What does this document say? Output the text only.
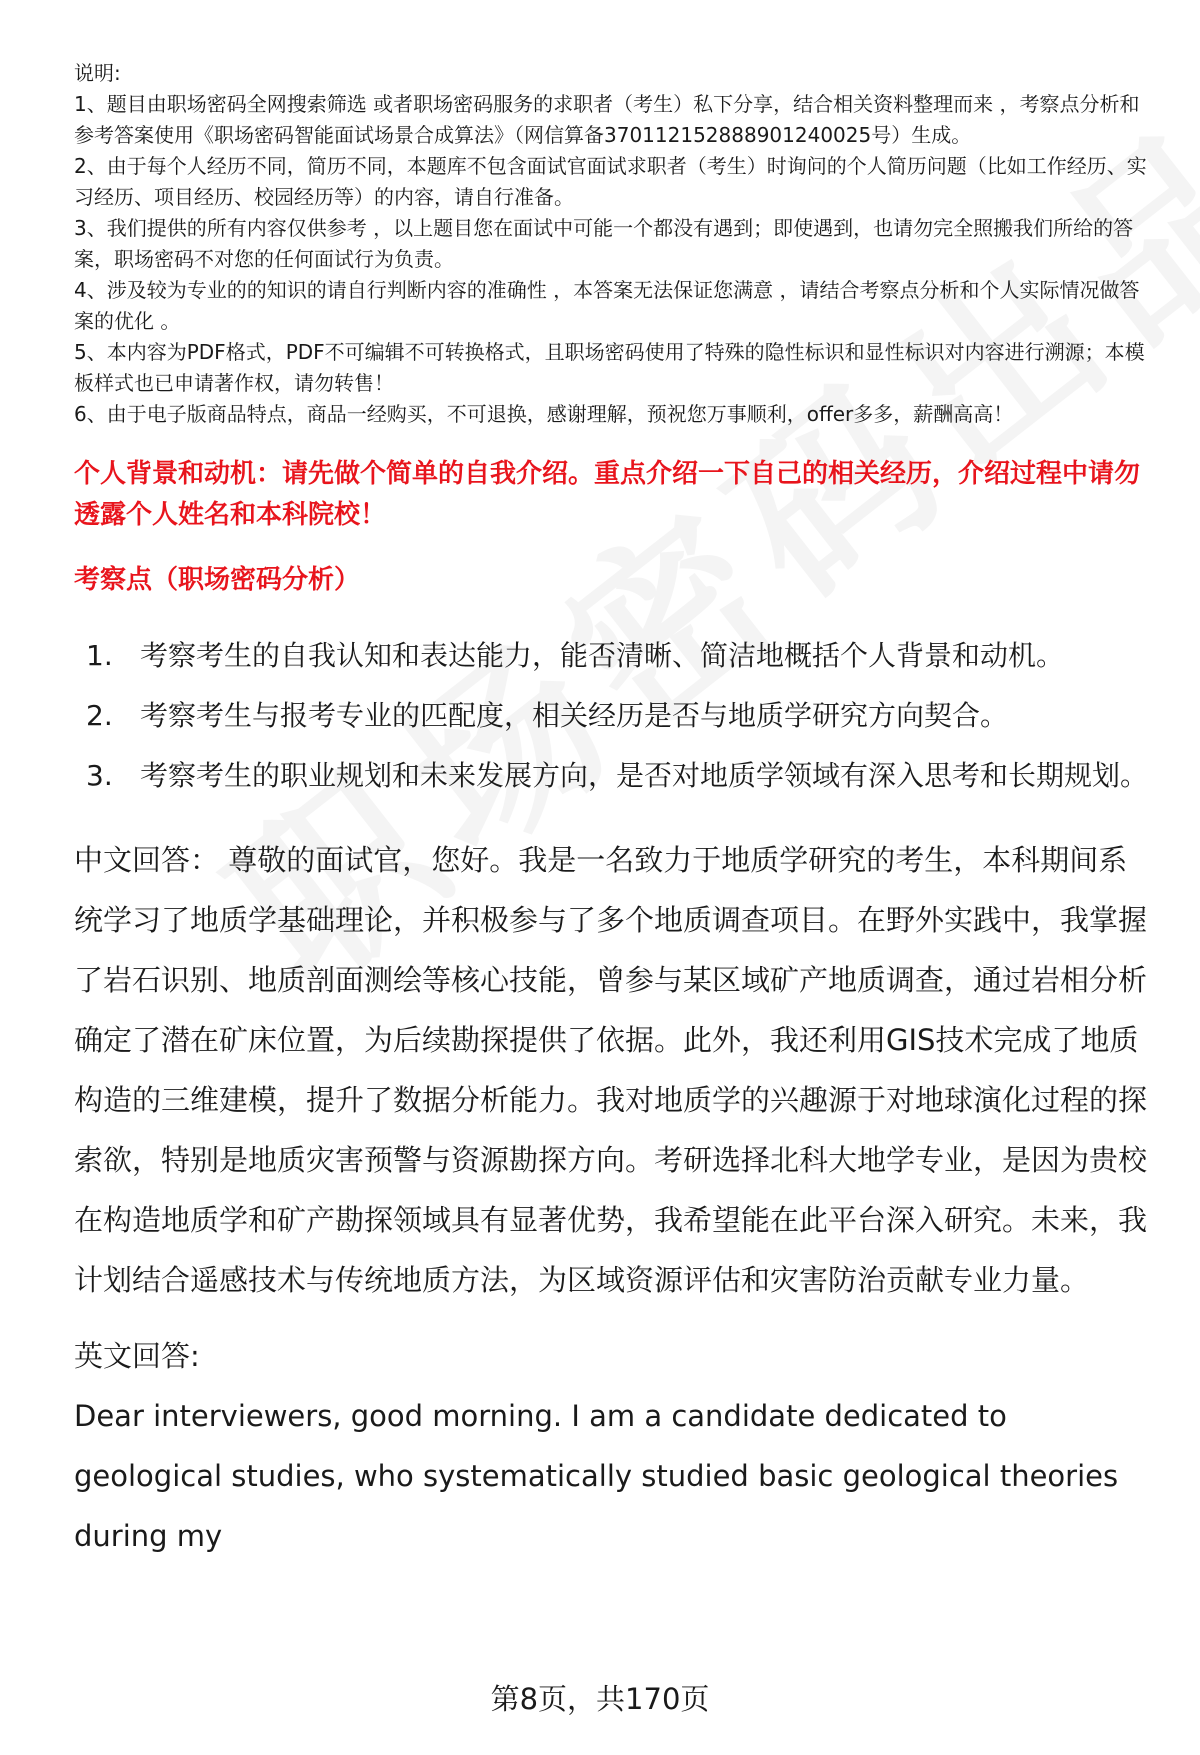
说明:

1、题目由职场密码全网搜索筛选 或者职场密码服务的求职者（考生）私下分享，结合相关资料整理而来 ，考察点分析和参考答案使用《职场密码智能面试场景合成算法》（网信算备370112152888901240025号）生成。

2、由于每个人经历不同，简历不同，本题库不包含面试官面试求职者（考生）时询问的个人简历问题（比如工作经历、实习经历、项目经历、校园经历等）的内容，请自行准备。

3、我们提供的所有内容仅供参考 ，以上题目您在面试中可能一个都没有遇到；即使遇到，也请勿完全照搬我们所给的答案，职场密码不对您的任何面试行为负责。

4、涉及较为专业的的知识的请自行判断内容的准确性 ，本答案无法保证您满意 ，请结合考察点分析和个人实际情况做答案的优化 。

5、本内容为PDF格式，PDF不可编辑不可转换格式，且职场密码使用了特殊的隐性标识和显性标识对内容进行溯源；本模板样式也已申请著作权，请勿转售！

6、由于电子版商品特点，商品一经购买，不可退换，感谢理解，预祝您万事顺利，offer多多，薪酬高高！

个人背景和动机：请先做个简单的自我介绍。重点介绍一下自己的相关经历，介绍过程中请勿透露个人姓名和本科院校！
考察点（职场密码分析）
1. 考察考生的自我认知和表达能力，能否清晰、简洁地概括个人背景和动机。
2. 考察考生与报考专业的匹配度，相关经历是否与地质学研究方向契合。
3. 考察考生的职业规划和未来发展方向，是否对地质学领域有深入思考和长期规划。
中文回答： 尊敬的面试官，您好。我是一名致力于地质学研究的考生，本科期间系统学习了地质学基础理论，并积极参与了多个地质调查项目。在野外实践中，我掌握了岩石识别、地质剖面测绘等核心技能，曾参与某区域矿产地质调查，通过岩相分析确定了潜在矿床位置，为后续勘探提供了依据。此外，我还利用GIS技术完成了地质构造的三维建模，提升了数据分析能力。我对地质学的兴趣源于对地球演化过程的探索欲，特别是地质灾害预警与资源勘探方向。考研选择北科大地学专业，是因为贵校在构造地质学和矿产勘探领域具有显著优势，我希望能在此平台深入研究。未来，我计划结合遥感技术与传统地质方法，为区域资源评估和灾害防治贡献专业力量。
英文回答:
Dear interviewers, good morning. I am a candidate dedicated to geological studies, who systematically studied basic geological theories during my
第8页，共170页
